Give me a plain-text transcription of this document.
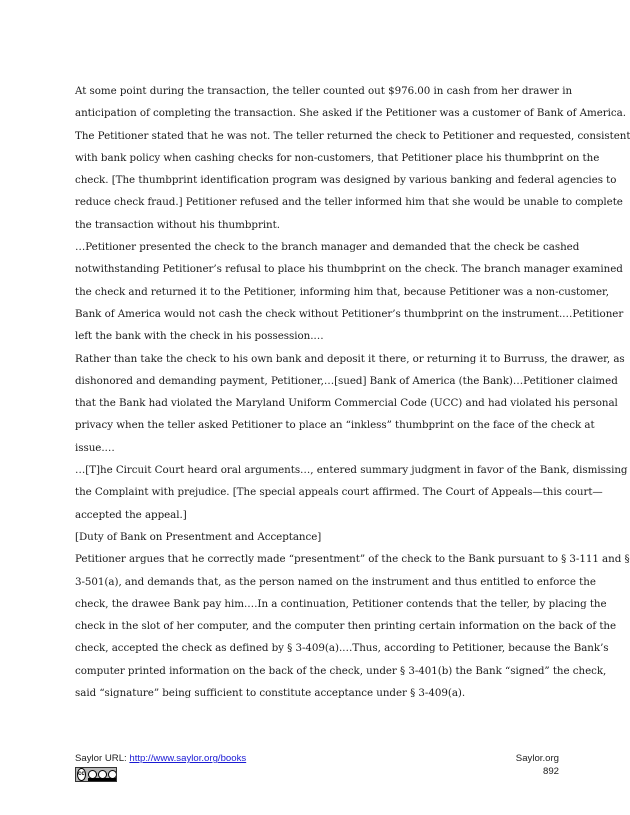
At some point during the transaction, the teller counted out $976.00 in cash from her drawer in

anticipation of completing the transaction. She asked if the Petitioner was a customer of Bank of America.

The Petitioner stated that he was not. The teller returned the check to Petitioner and requested, consistent

with bank policy when cashing checks for non-customers, that Petitioner place his thumbprint on the

check. [The thumbprint identification program was designed by various banking and federal agencies to

reduce check fraud.] Petitioner refused and the teller informed him that she would be unable to complete

the transaction without his thumbprint.

…Petitioner presented the check to the branch manager and demanded that the check be cashed

notwithstanding Petitioner’s refusal to place his thumbprint on the check. The branch manager examined

the check and returned it to the Petitioner, informing him that, because Petitioner was a non-customer,

Bank of America would not cash the check without Petitioner’s thumbprint on the instrument.…Petitioner

left the bank with the check in his possession.…

Rather than take the check to his own bank and deposit it there, or returning it to Burruss, the drawer, as

dishonored and demanding payment, Petitioner,…[sued] Bank of America (the Bank)…Petitioner claimed

that the Bank had violated the Maryland Uniform Commercial Code (UCC) and had violated his personal

privacy when the teller asked Petitioner to place an “inkless” thumbprint on the face of the check at

issue.…

…[T]he Circuit Court heard oral arguments…, entered summary judgment in favor of the Bank, dismissing

the Complaint with prejudice. [The special appeals court affirmed. The Court of Appeals—this court—

accepted the appeal.]

[Duty of Bank on Presentment and Acceptance]

Petitioner argues that he correctly made “presentment” of the check to the Bank pursuant to § 3-111 and §

3-501(a), and demands that, as the person named on the instrument and thus entitled to enforce the

check, the drawee Bank pay him.…In a continuation, Petitioner contends that the teller, by placing the

check in the slot of her computer, and the computer then printing certain information on the back of the

check, accepted the check as defined by § 3-409(a).…Thus, according to Petitioner, because the Bank’s

computer printed information on the back of the check, under § 3-401(b) the Bank “signed” the check,

said “signature” being sufficient to constitute acceptance under § 3-409(a).

Saylor URL: http://www.saylor.org/books	Saylor.org
892
cc
